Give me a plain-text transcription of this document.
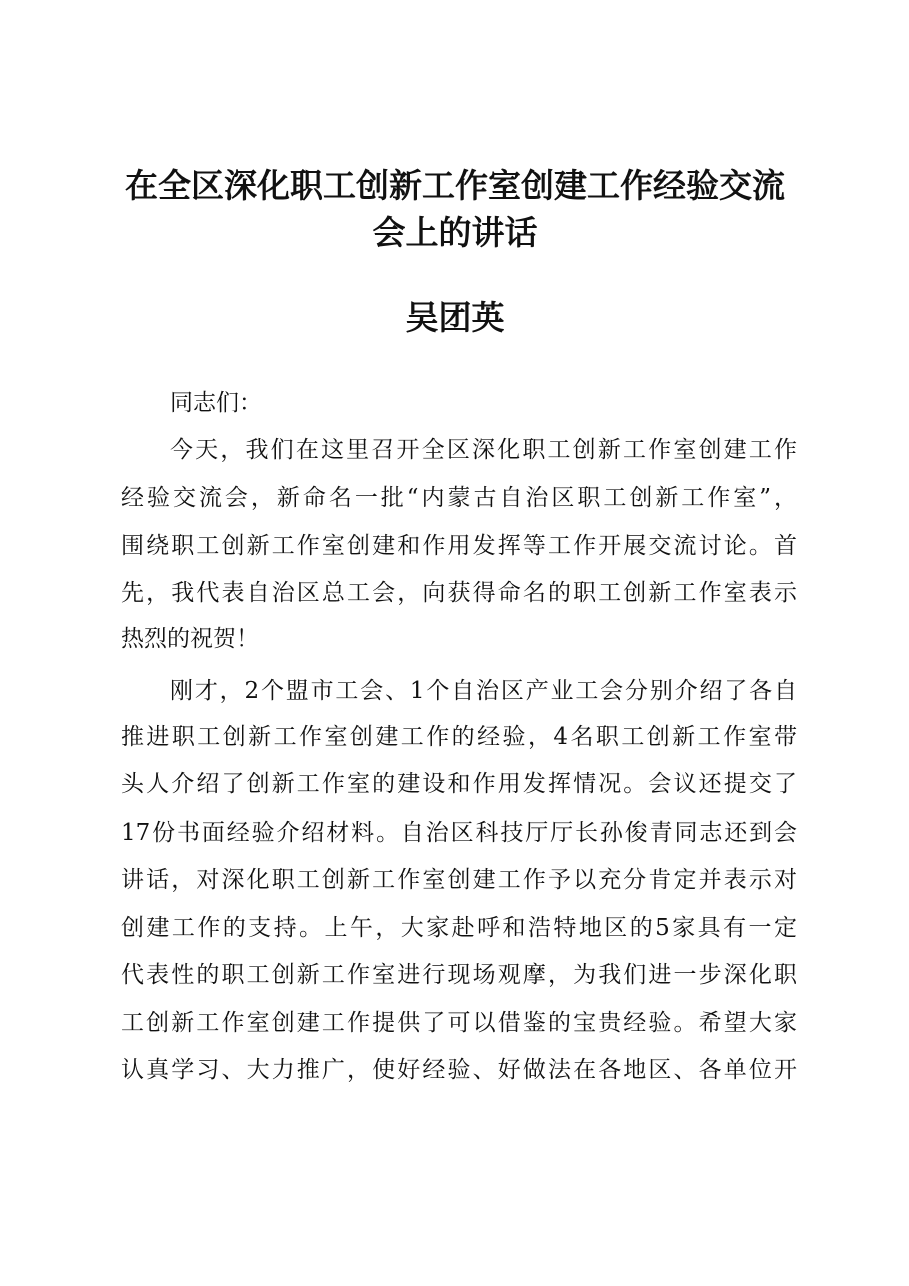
在全区深化职工创新工作室创建工作经验交流
会上的讲话
吴团英

同志们：

今天，我们在这里召开全区深化职工创新工作室创建工作

经验交流会，新命名一批“内蒙古自治区职工创新工作室”，

围绕职工创新工作室创建和作用发挥等工作开展交流讨论。首

先，我代表自治区总工会，向获得命名的职工创新工作室表示

热烈的祝贺！

刚才，2个盟市工会、1个自治区产业工会分别介绍了各自

推进职工创新工作室创建工作的经验，4名职工创新工作室带

头人介绍了创新工作室的建设和作用发挥情况。会议还提交了

17份书面经验介绍材料。自治区科技厅厅长孙俊青同志还到会

讲话，对深化职工创新工作室创建工作予以充分肯定并表示对

创建工作的支持。上午，大家赴呼和浩特地区的5家具有一定

代表性的职工创新工作室进行现场观摩，为我们进一步深化职

工创新工作室创建工作提供了可以借鉴的宝贵经验。希望大家

认真学习、大力推广，使好经验、好做法在各地区、各单位开
